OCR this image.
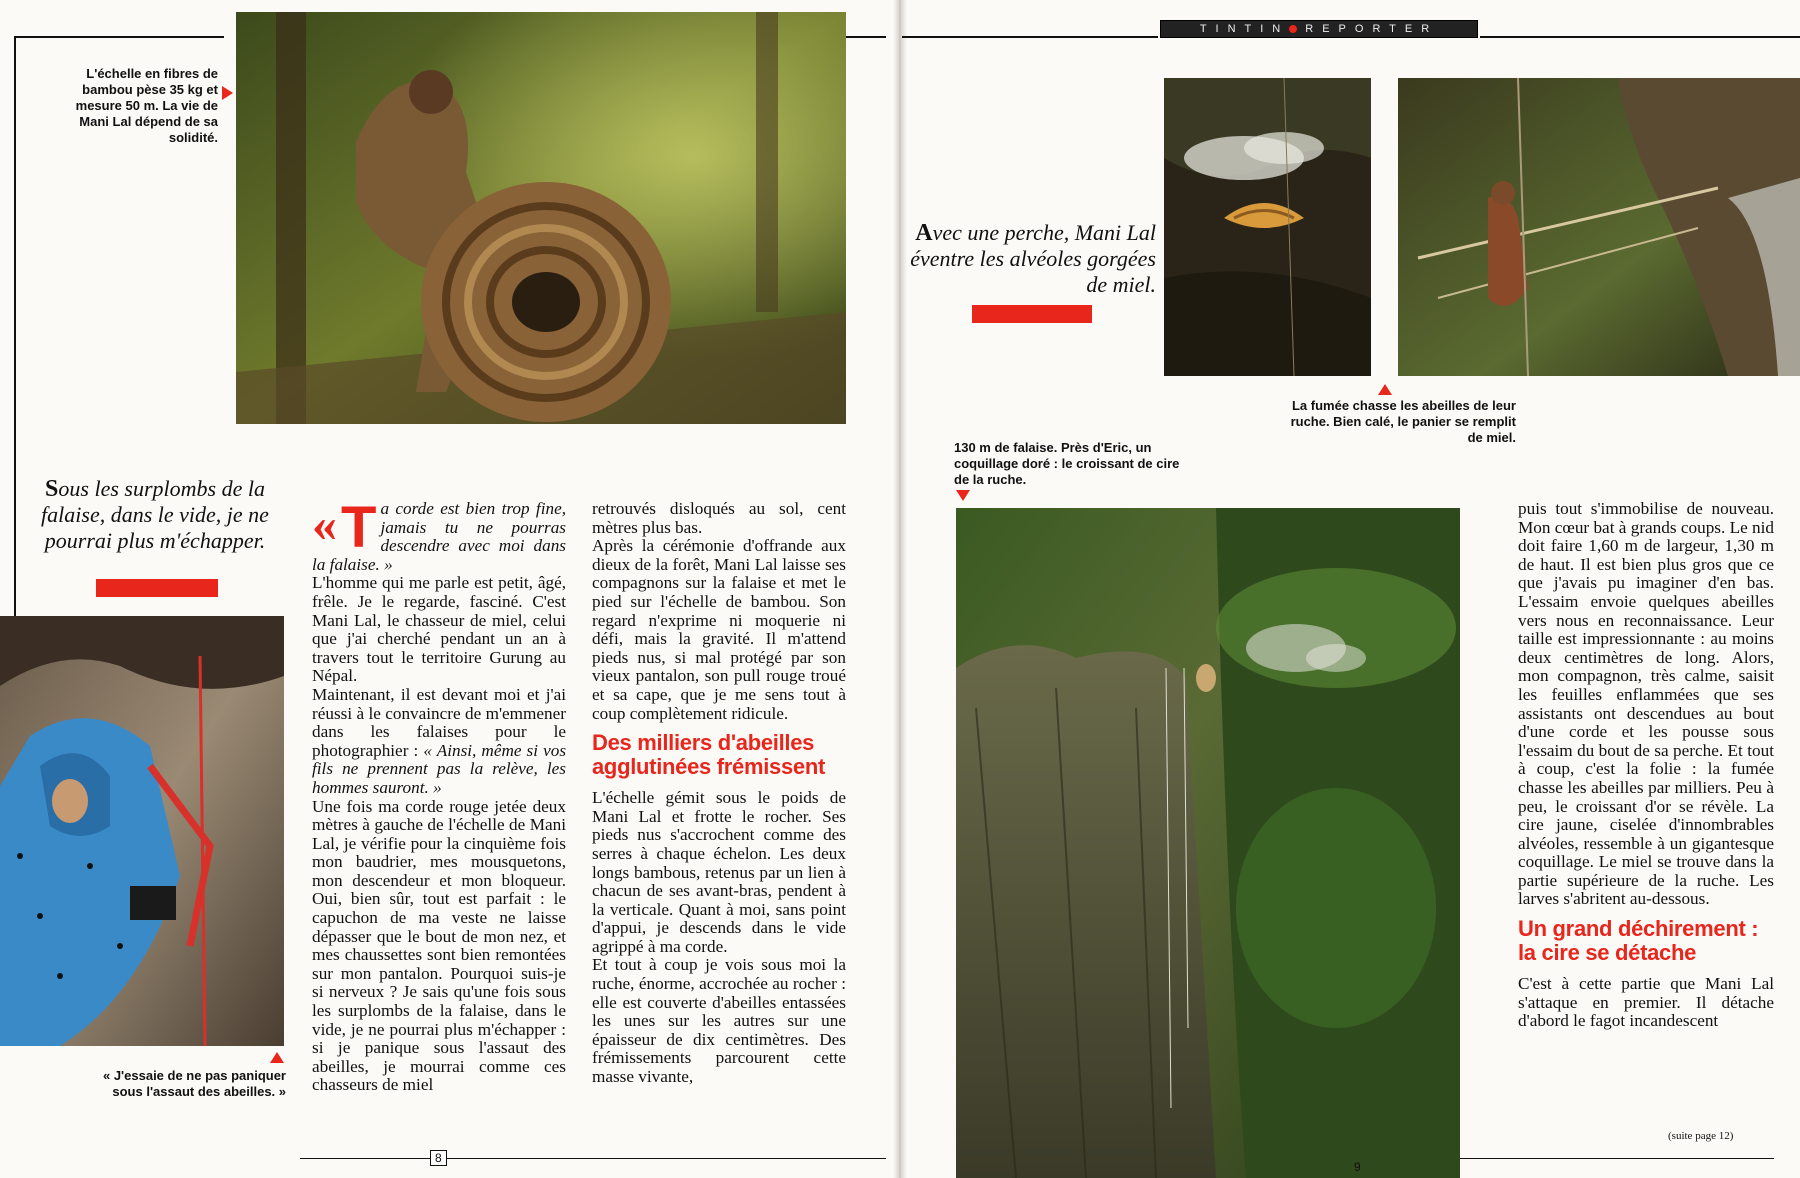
TINTIN REPORTER

L'échelle en fibres de bambou pèse 35 kg et mesure 50 m. La vie de Mani Lal dépend de sa solidité.

Sous les surplombs de la falaise, dans le vide, je ne pourrai plus m'échapper.

« J'essaie de ne pas paniquer sous l'assaut des abeilles. »

« T a corde est bien trop fine, jamais tu ne pourras descendre avec moi dans la falaise. »

L'homme qui me parle est petit, âgé, frêle. Je le regarde, fasciné. C'est Mani Lal, le chasseur de miel, celui que j'ai cherché pendant un an à travers tout le territoire Gurung au Népal.

Maintenant, il est devant moi et j'ai réussi à le convaincre de m'emmener dans les falaises pour le photographier : « Ainsi, même si vos fils ne prennent pas la relève, les hommes sauront. »

Une fois ma corde rouge jetée deux mètres à gauche de l'échelle de Mani Lal, je vérifie pour la cinquième fois mon baudrier, mes mousquetons, mon descendeur et mon bloqueur. Oui, bien sûr, tout est parfait : le capuchon de ma veste ne laisse dépasser que le bout de mon nez, et mes chaussettes sont bien remontées sur mon pantalon. Pourquoi suis-je si nerveux ? Je sais qu'une fois sous les surplombs de la falaise, dans le vide, je ne pourrai plus m'échapper : si je panique sous l'assaut des abeilles, je mourrai comme ces chasseurs de miel

retrouvés disloqués au sol, cent mètres plus bas.

Après la cérémonie d'offrande aux dieux de la forêt, Mani Lal laisse ses compagnons sur la falaise et met le pied sur l'échelle de bambou. Son regard n'exprime ni moquerie ni défi, mais la gravité. Il m'attend pieds nus, si mal protégé par son vieux pantalon, son pull rouge troué et sa cape, que je me sens tout à coup complètement ridicule.

Des milliers d'abeilles agglutinées frémissent

L'échelle gémit sous le poids de Mani Lal et frotte le rocher. Ses pieds nus s'accrochent comme des serres à chaque échelon. Les deux longs bambous, retenus par un lien à chacun de ses avant-bras, pendent à la verticale. Quant à moi, sans point d'appui, je descends dans le vide agrippé à ma corde.

Et tout à coup je vois sous moi la ruche, énorme, accrochée au rocher : elle est couverte d'abeilles entassées les unes sur les autres sur une épaisseur de dix centimètres. Des frémissements parcourent cette masse vivante,

8

Avec une perche, Mani Lal éventre les alvéoles gorgées de miel.

La fumée chasse les abeilles de leur ruche. Bien calé, le panier se remplit de miel.

130 m de falaise. Près d'Eric, un coquillage doré : le croissant de cire de la ruche.

puis tout s'immobilise de nouveau. Mon cœur bat à grands coups. Le nid doit faire 1,60 m de largeur, 1,30 m de haut. Il est bien plus gros que ce que j'avais pu imaginer d'en bas. L'essaim envoie quelques abeilles vers nous en reconnaissance. Leur taille est impressionnante : au moins deux centimètres de long. Alors, mon compagnon, très calme, saisit les feuilles enflammées que ses assistants ont descendues au bout d'une corde et les pousse sous l'essaim du bout de sa perche. Et tout à coup, c'est la folie : la fumée chasse les abeilles par milliers. Peu à peu, le croissant d'or se révèle. La cire jaune, ciselée d'innombrables alvéoles, ressemble à un gigantesque coquillage. Le miel se trouve dans la partie supérieure de la ruche. Les larves s'abritent au-dessous.

Un grand déchirement : la cire se détache

C'est à cette partie que Mani Lal s'attaque en premier. Il détache d'abord le fagot incandescent

(suite page 12)
9
